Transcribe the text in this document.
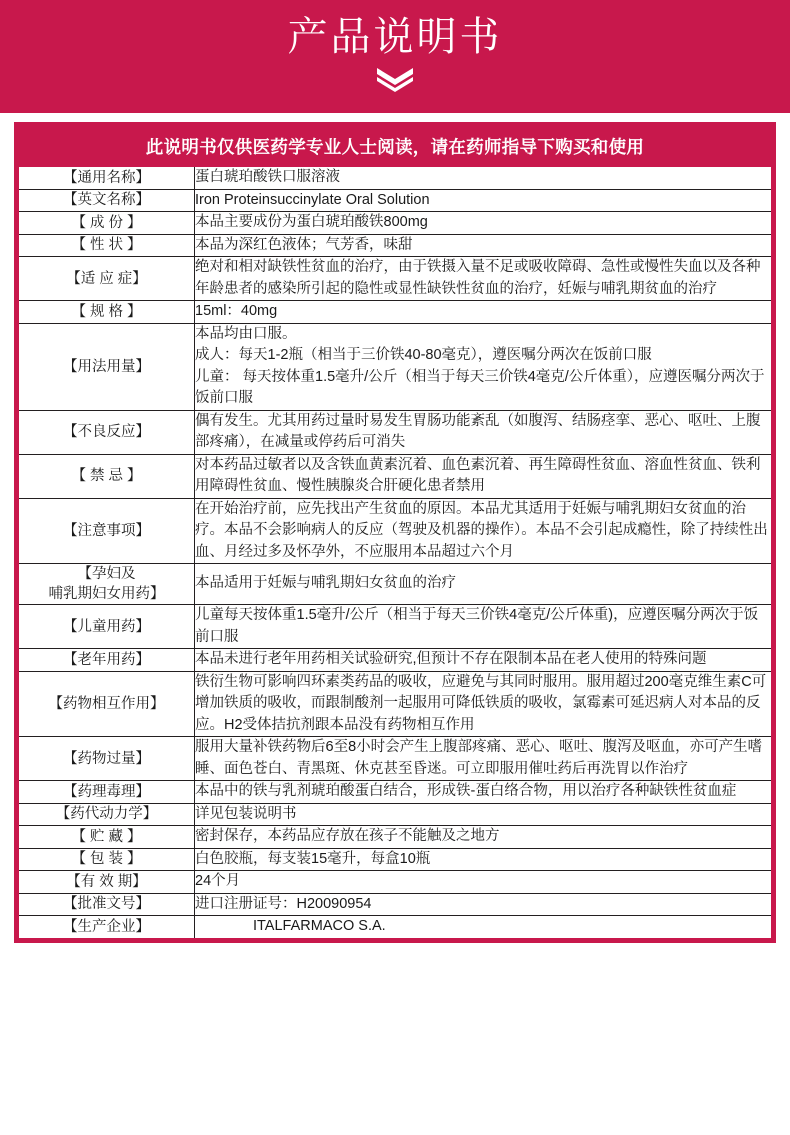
产品说明书
此说明书仅供医药学专业人士阅读，请在药师指导下购买和使用
【通用名称】	蛋白琥珀酸铁口服溶液
【英文名称】	Iron Proteinsuccinylate Oral Solution
【 成 份 】	本品主要成份为蛋白琥珀酸铁800mg
【 性 状 】	本品为深红色液体；气芳香，味甜
【适 应 症】	绝对和相对缺铁性贫血的治疗，由于铁摄入量不足或吸收障碍、急性或慢性失血以及各种年龄患者的感染所引起的隐性或显性缺铁性贫血的治疗，妊娠与哺乳期贫血的治疗
【 规 格 】	15ml：40mg
【用法用量】	本品均由口服。
成人：每天1-2瓶（相当于三价铁40-80毫克），遵医嘱分两次在饭前口服
儿童： 每天按体重1.5毫升/公斤（相当于每天三价铁4毫克/公斤体重），应遵医嘱分两次于饭前口服
【不良反应】	偶有发生。尤其用药过量时易发生胃肠功能紊乱（如腹泻、结肠痉挛、恶心、呕吐、上腹部疼痛），在减量或停药后可消失
【 禁 忌 】	对本药品过敏者以及含铁血黄素沉着、血色素沉着、再生障碍性贫血、溶血性贫血、铁利用障碍性贫血、慢性胰腺炎合肝硬化患者禁用
【注意事项】	在开始治疗前，应先找出产生贫血的原因。本品尤其适用于妊娠与哺乳期妇女贫血的治疗。本品不会影响病人的反应（驾驶及机器的操作）。本品不会引起成瘾性，除了持续性出血、月经过多及怀孕外，不应服用本品超过六个月
【孕妇及
哺乳期妇女用药】	本品适用于妊娠与哺乳期妇女贫血的治疗
【儿童用药】	儿童每天按体重1.5毫升/公斤（相当于每天三价铁4毫克/公斤体重)，应遵医嘱分两次于饭前口服
【老年用药】	本品未进行老年用药相关试验研究,但预计不存在限制本品在老人使用的特殊问题
【药物相互作用】	铁衍生物可影响四环素类药品的吸收，应避免与其同时服用。服用超过200毫克维生素C可增加铁质的吸收，而跟制酸剂一起服用可降低铁质的吸收，氯霉素可延迟病人对本品的反应。H2受体拮抗剂跟本品没有药物相互作用
【药物过量】	服用大量补铁药物后6至8小时会产生上腹部疼痛、恶心、呕吐、腹泻及呕血，亦可产生嗜睡、面色苍白、青黑斑、休克甚至昏迷。可立即服用催吐药后再洗胃以作治疗
【药理毒理】	本品中的铁与乳剂琥珀酸蛋白结合，形成铁-蛋白络合物，用以治疗各种缺铁性贫血症
【药代动力学】	详见包装说明书
【 贮 藏 】	密封保存，本药品应存放在孩子不能触及之地方
【 包 装 】	白色胶瓶，每支装15毫升，每盒10瓶
【有 效 期】	24个月
【批准文号】	进口注册证号：H20090954
【生产企业】	ITALFARMACO S.A.
